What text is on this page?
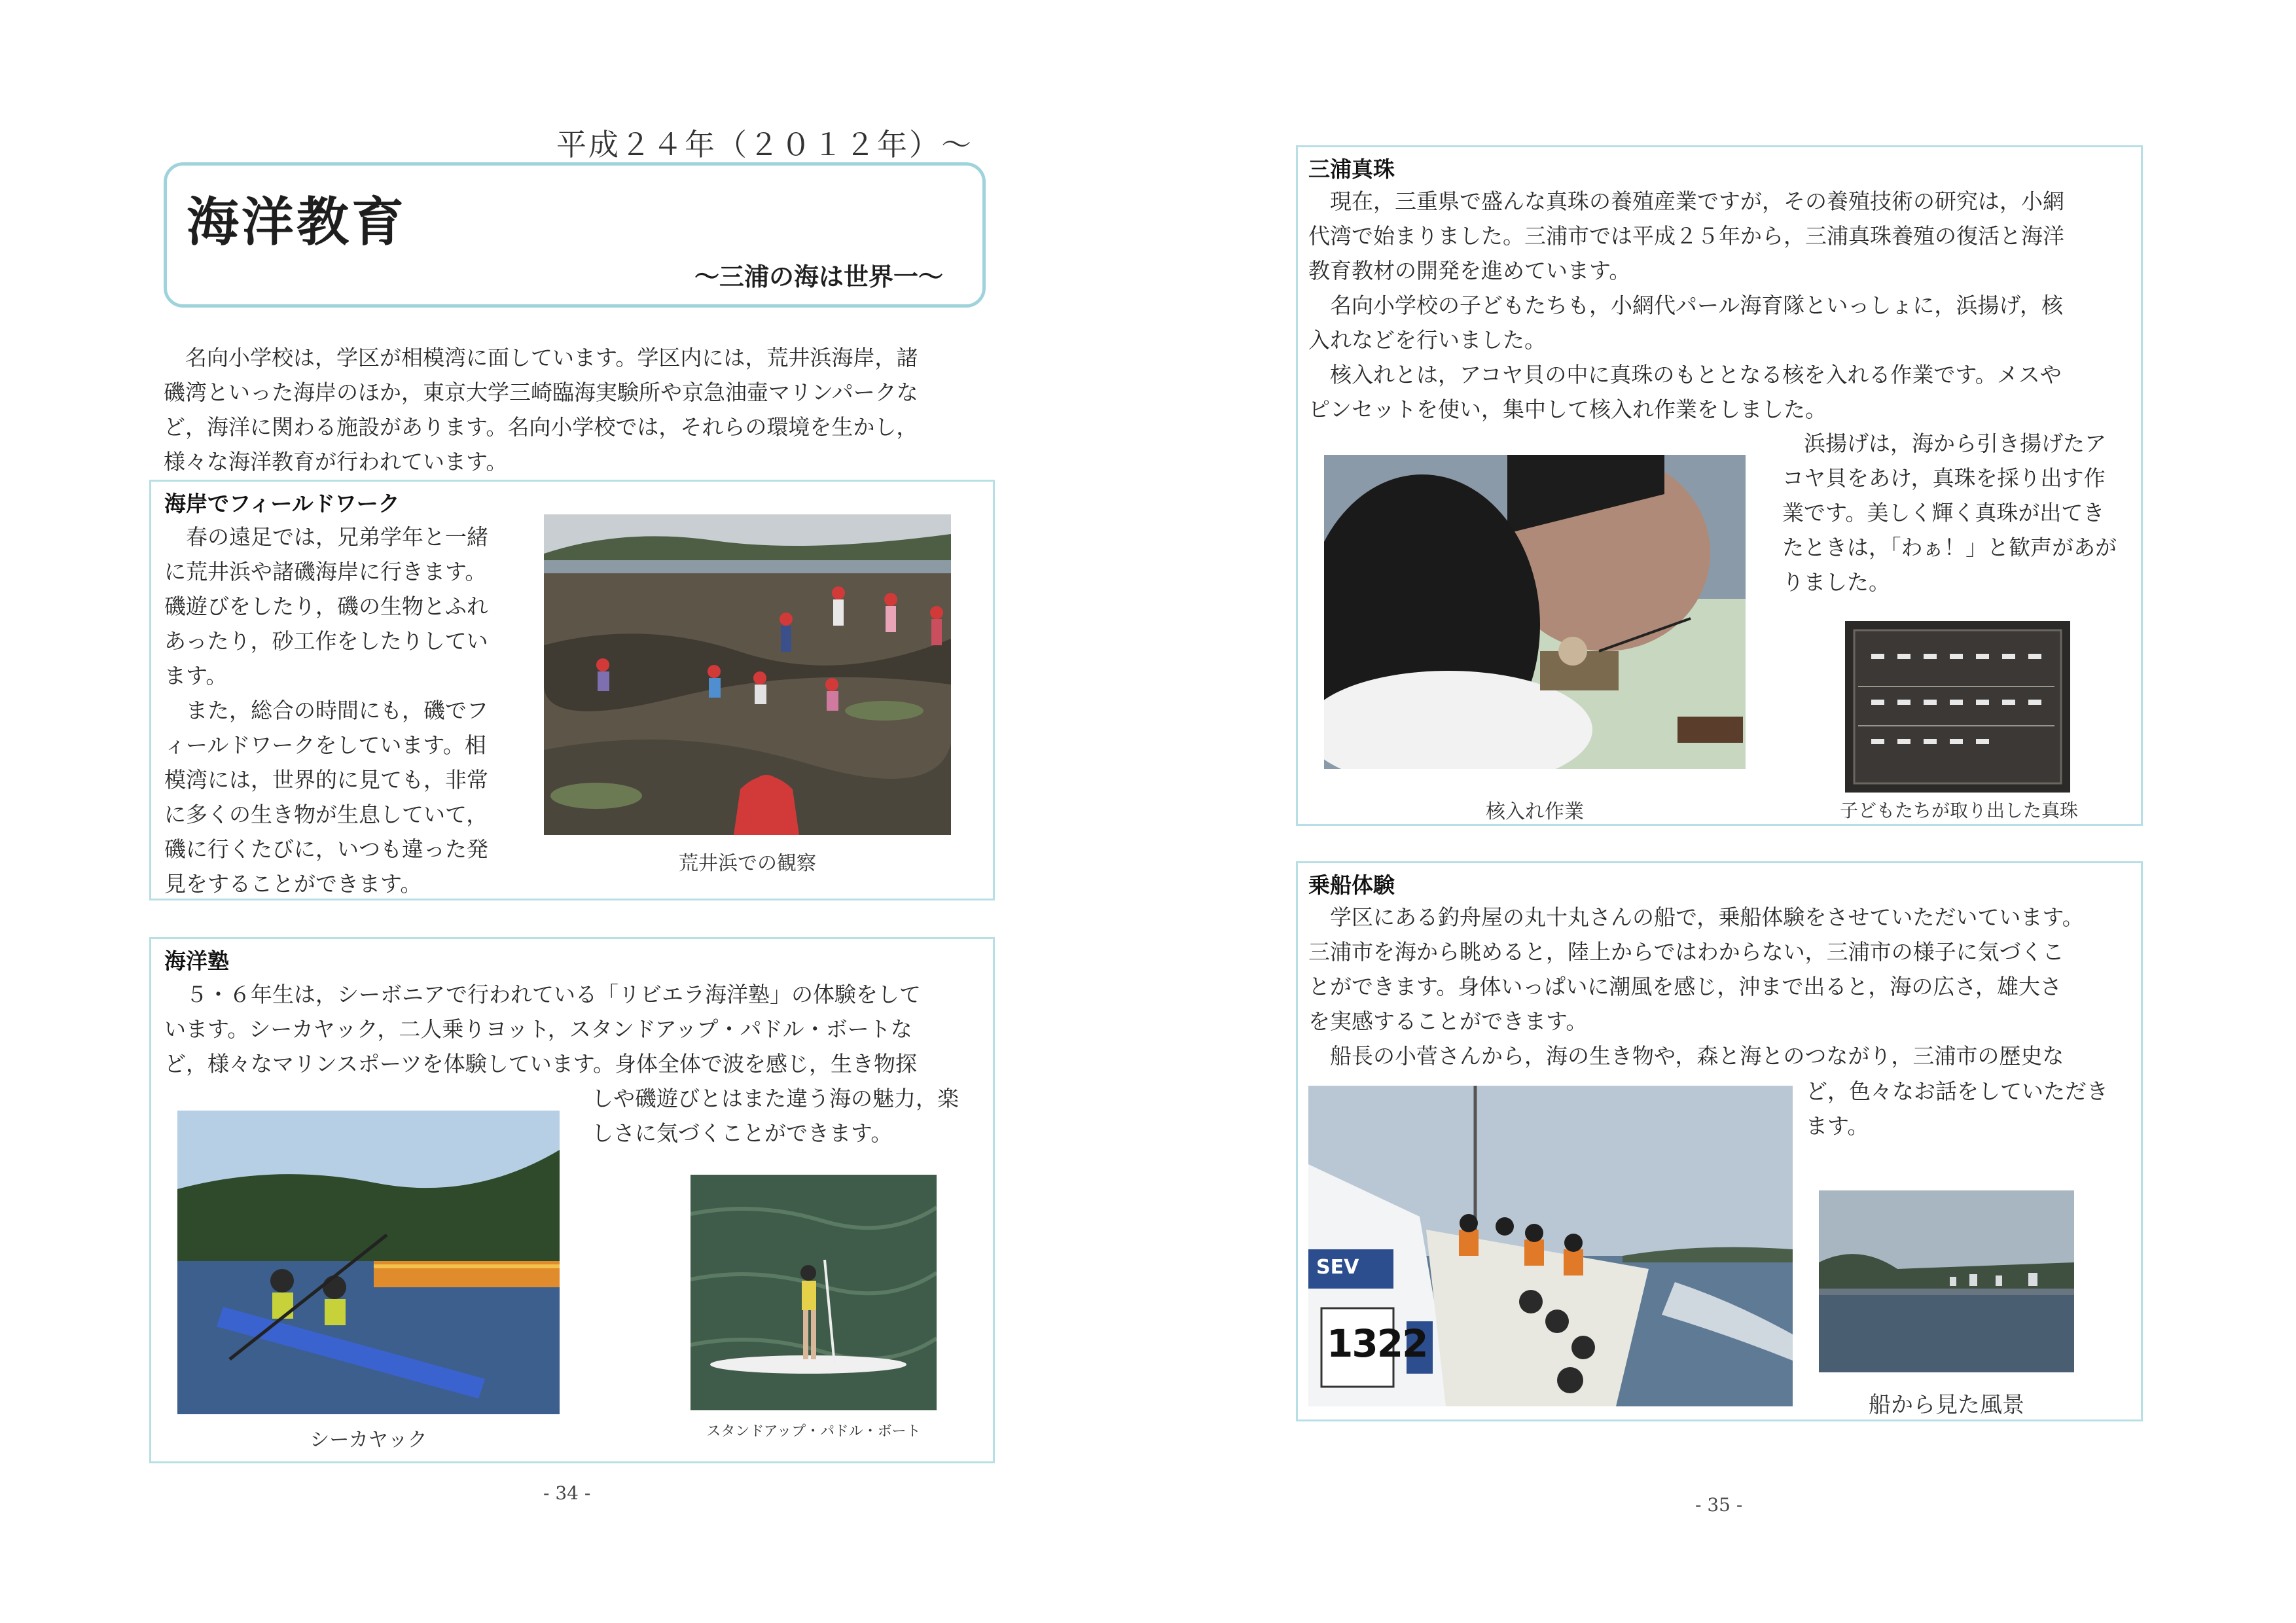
平成２４年（２０１２年）～
海洋教育
～三浦の海は世界一～
名向小学校は，学区が相模湾に面しています。学区内には，荒井浜海岸，諸
磯湾といった海岸のほか，東京大学三崎臨海実験所や京急油壷マリンパークな
ど，海洋に関わる施設があります。名向小学校では，それらの環境を生かし，
様々な海洋教育が行われています。
海岸でフィールドワーク
春の遠足では，兄弟学年と一緒
に荒井浜や諸磯海岸に行きます。
磯遊びをしたり，磯の生物とふれ
あったり，砂工作をしたりしてい
ます。
また，総合の時間にも，磯でフ
ィールドワークをしています。相
模湾には，世界的に見ても，非常
に多くの生き物が生息していて，
磯に行くたびに，いつも違った発
見をすることができます。
荒井浜での観察
海洋塾
５・６年生は，シーボニアで行われている「リビエラ海洋塾」の体験をして
います。シーカヤック，二人乗りヨット，スタンドアップ・パドル・ボートな
ど，様々なマリンスポーツを体験しています。身体全体で波を感じ，生き物探
しや磯遊びとはまた違う海の魅力，楽
しさに気づくことができます。
シーカヤック	スタンドアップ・パドル・ボート
- 34 -
三浦真珠
現在，三重県で盛んな真珠の養殖産業ですが，その養殖技術の研究は，小網
代湾で始まりました。三浦市では平成２５年から，三浦真珠養殖の復活と海洋
教育教材の開発を進めています。
名向小学校の子どもたちも，小網代パール海育隊といっしょに，浜揚げ，核
入れなどを行いました。
核入れとは，アコヤ貝の中に真珠のもととなる核を入れる作業です。メスや
ピンセットを使い，集中して核入れ作業をしました。
浜揚げは，海から引き揚げたア
コヤ貝をあけ，真珠を採り出す作
業です。美しく輝く真珠が出てき
たときは，「わぁ！」と歓声があが
りました。
核入れ作業	子どもたちが取り出した真珠
乗船体験
学区にある釣舟屋の丸十丸さんの船で，乗船体験をさせていただいています。
三浦市を海から眺めると，陸上からではわからない，三浦市の様子に気づくこ
とができます。身体いっぱいに潮風を感じ，沖まで出ると，海の広さ，雄大さ
を実感することができます。
船長の小菅さんから，海の生き物や，森と海とのつながり，三浦市の歴史な
ど，色々なお話をしていただき
ます。
SEV
1322
船から見た風景
- 35 -
